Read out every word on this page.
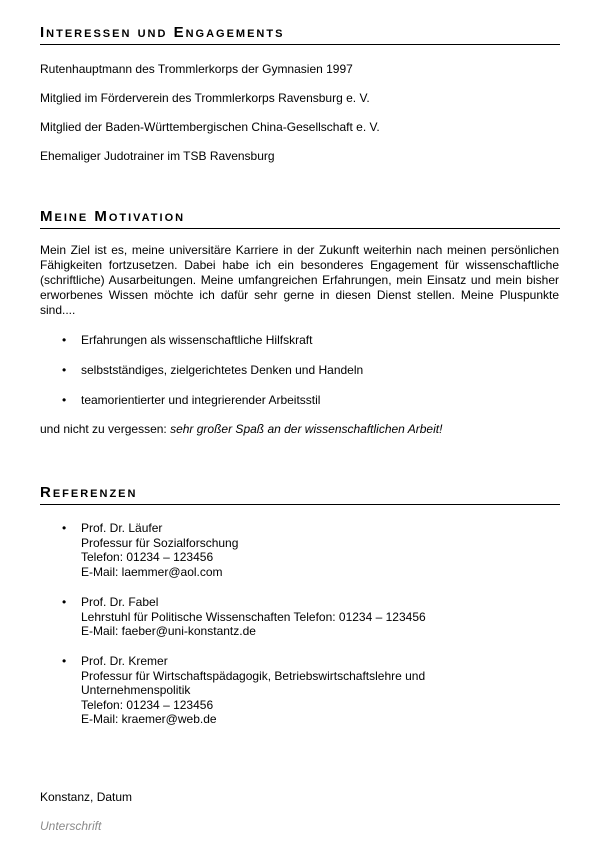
Interessen und Engagements

Rutenhauptmann des Trommlerkorps der Gymnasien 1997

Mitglied im Förderverein des Trommlerkorps Ravensburg e. V.

Mitglied der Baden-Württembergischen China-Gesellschaft e. V.

Ehemaliger Judotrainer im TSB Ravensburg

Meine Motivation

Mein Ziel ist es, meine universitäre Karriere in der Zukunft weiterhin nach meinen persönlichen Fähigkeiten fortzusetzen. Dabei habe ich ein besonderes Engagement für wissenschaftliche (schriftliche) Ausarbeitungen. Meine umfangreichen Erfahrungen, mein Einsatz und mein bisher erworbenes Wissen möchte ich dafür sehr gerne in diesen Dienst stellen. Meine Pluspunkte sind....

• Erfahrungen als wissenschaftliche Hilfskraft
• selbstständiges, zielgerichtetes Denken und Handeln
• teamorientierter und integrierender Arbeitsstil

und nicht zu vergessen: sehr großer Spaß an der wissenschaftlichen Arbeit!

Referenzen
• Prof. Dr. Läufer
Professur für Sozialforschung
Telefon: 01234 – 123456
E-Mail: laemmer@aol.com
• Prof. Dr. Fabel
Lehrstuhl für Politische Wissenschaften Telefon: 01234 – 123456
E-Mail: faeber@uni-konstantz.de
• Prof. Dr. Kremer
Professur für Wirtschaftspädagogik, Betriebswirtschaftslehre und
Unternehmenspolitik
Telefon: 01234 – 123456
E-Mail: kraemer@web.de

Konstanz, Datum

Unterschrift
